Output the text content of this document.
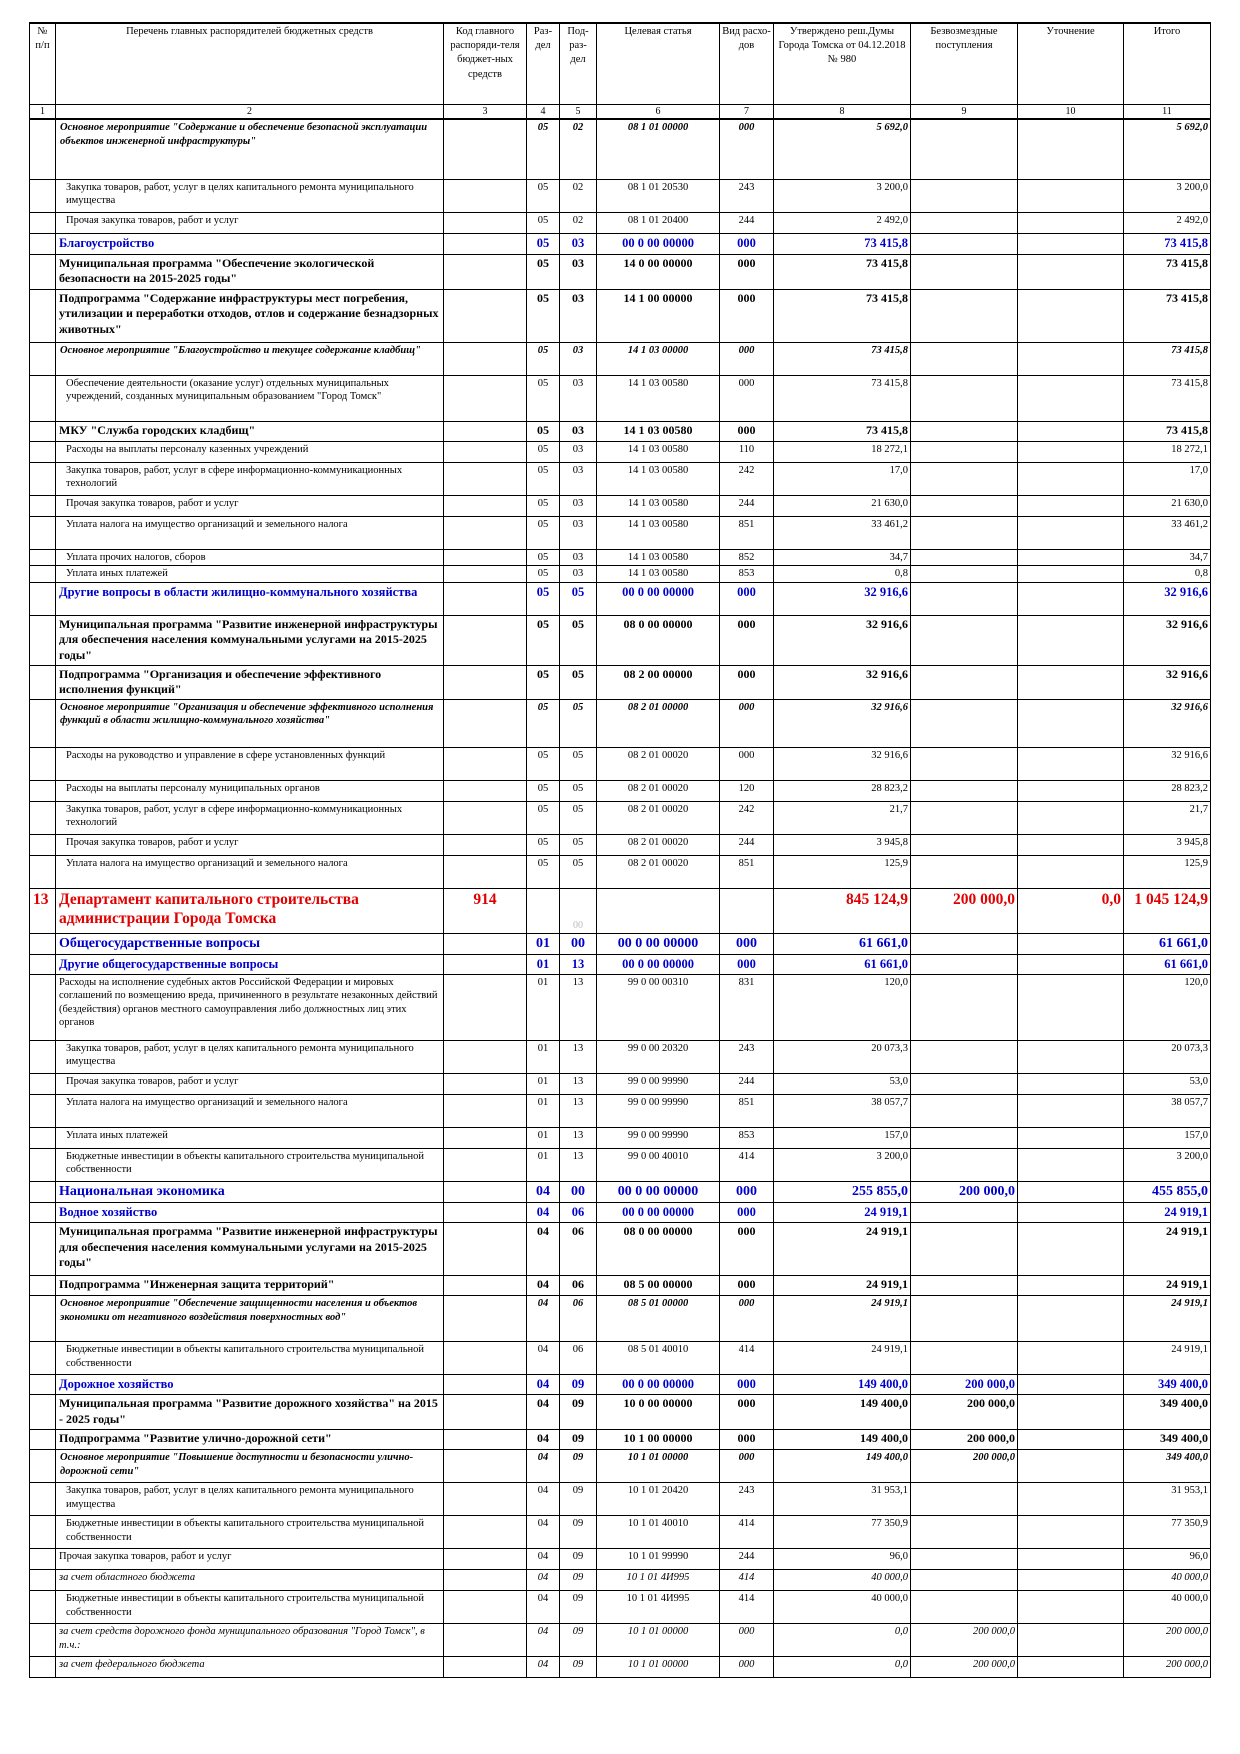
№ п/п	Перечень главных распорядителей бюджетных средств	Код главного распоряди-теля бюджет-ных средств	Раз-дел	Под-раз-дел	Целевая статья	Вид расхо-дов	Утверждено реш.Думы Города Томска от 04.12.2018 № 980	Безвозмездные поступления	Уточнение	Итого
1	2	3	4	5	6	7	8	9	10	11
	Основное мероприятие "Содержание и обеспечение безопасной эксплуатации объектов инженерной инфраструктуры"		05	02	08 1 01 00000	000	5 692,0			5 692,0
	Закупка товаров, работ, услуг в целях капитального ремонта муниципального имущества		05	02	08 1 01 20530	243	3 200,0			3 200,0
	Прочая закупка товаров, работ и услуг		05	02	08 1 01 20400	244	2 492,0			2 492,0
	Благоустройство		05	03	00 0 00 00000	000	73 415,8			73 415,8
	Муниципальная программа "Обеспечение экологической безопасности на 2015-2025 годы"		05	03	14 0 00 00000	000	73 415,8			73 415,8
	Подпрограмма "Содержание инфраструктуры мест погребения, утилизации и переработки отходов, отлов и содержание безнадзорных животных"		05	03	14 1 00 00000	000	73 415,8			73 415,8
	Основное мероприятие "Благоустройство и текущее содержание кладбищ"		05	03	14 1 03 00000	000	73 415,8			73 415,8
	Обеспечение деятельности (оказание услуг) отдельных муниципальных учреждений, созданных муниципальным образованием "Город Томск"		05	03	14 1 03 00580	000	73 415,8			73 415,8
	МКУ "Служба городских кладбищ"		05	03	14 1 03 00580	000	73 415,8			73 415,8
	Расходы на выплаты персоналу казенных учреждений		05	03	14 1 03 00580	110	18 272,1			18 272,1
	Закупка товаров, работ, услуг в сфере информационно-коммуникационных технологий		05	03	14 1 03 00580	242	17,0			17,0
	Прочая закупка товаров, работ и услуг		05	03	14 1 03 00580	244	21 630,0			21 630,0
	Уплата налога на имущество организаций и земельного налога		05	03	14 1 03 00580	851	33 461,2			33 461,2
	Уплата прочих налогов, сборов		05	03	14 1 03 00580	852	34,7			34,7
	Уплата иных платежей		05	03	14 1 03 00580	853	0,8			0,8
	Другие вопросы в области жилищно-коммунального хозяйства		05	05	00 0 00 00000	000	32 916,6			32 916,6
	Муниципальная программа "Развитие инженерной инфраструктуры для обеспечения населения коммунальными услугами на 2015-2025 годы"		05	05	08 0 00 00000	000	32 916,6			32 916,6
	Подпрограмма "Организация и обеспечение эффективного исполнения функций"		05	05	08 2 00 00000	000	32 916,6			32 916,6
	Основное мероприятие "Организация и обеспечение эффективного исполнения функций в области жилищно-коммунального хозяйства"		05	05	08 2 01 00000	000	32 916,6			32 916,6
	Расходы на руководство и управление в сфере установленных функций		05	05	08 2 01 00020	000	32 916,6			32 916,6
	Расходы на выплаты персоналу муниципальных органов		05	05	08 2 01 00020	120	28 823,2			28 823,2
	Закупка товаров, работ, услуг в сфере информационно-коммуникационных технологий		05	05	08 2 01 00020	242	21,7			21,7
	Прочая закупка товаров, работ и услуг		05	05	08 2 01 00020	244	3 945,8			3 945,8
	Уплата налога на имущество организаций и земельного налога		05	05	08 2 01 00020	851	125,9			125,9
13	Департамент капитального строительства администрации Города Томска	914		00			845 124,9	200 000,0	0,0	1 045 124,9
	Общегосударственные вопросы		01	00	00 0 00 00000	000	61 661,0			61 661,0
	Другие общегосударственные вопросы		01	13	00 0 00 00000	000	61 661,0			61 661,0
	Расходы на исполнение судебных актов Российской Федерации и мировых соглашений по возмещению вреда, причиненного в результате незаконных действий (бездействия) органов местного самоуправления либо должностных лиц этих органов		01	13	99 0 00 00310	831	120,0			120,0
	Закупка товаров, работ, услуг в целях капитального ремонта муниципального имущества		01	13	99 0 00 20320	243	20 073,3			20 073,3
	Прочая закупка товаров, работ и услуг		01	13	99 0 00 99990	244	53,0			53,0
	Уплата налога на имущество организаций и земельного налога		01	13	99 0 00 99990	851	38 057,7			38 057,7
	Уплата иных платежей		01	13	99 0 00 99990	853	157,0			157,0
	Бюджетные инвестиции в объекты капитального строительства муниципальной собственности		01	13	99 0 00 40010	414	3 200,0			3 200,0
	Национальная экономика		04	00	00 0 00 00000	000	255 855,0	200 000,0		455 855,0
	Водное хозяйство		04	06	00 0 00 00000	000	24 919,1			24 919,1
	Муниципальная программа "Развитие инженерной инфраструктуры для обеспечения населения коммунальными услугами на 2015-2025 годы"		04	06	08 0 00 00000	000	24 919,1			24 919,1
	Подпрограмма "Инженерная защита территорий"		04	06	08 5 00 00000	000	24 919,1			24 919,1
	Основное мероприятие "Обеспечение защищенности населения и объектов экономики от негативного воздействия поверхностных вод"		04	06	08 5 01 00000	000	24 919,1			24 919,1
	Бюджетные инвестиции в объекты капитального строительства муниципальной собственности		04	06	08 5 01 40010	414	24 919,1			24 919,1
	Дорожное хозяйство		04	09	00 0 00 00000	000	149 400,0	200 000,0		349 400,0
	Муниципальная программа "Развитие дорожного хозяйства" на 2015 - 2025 годы"		04	09	10 0 00 00000	000	149 400,0	200 000,0		349 400,0
	Подпрограмма "Развитие улично-дорожной сети"		04	09	10 1 00 00000	000	149 400,0	200 000,0		349 400,0
	Основное мероприятие "Повышение доступности и безопасности улично-дорожной сети"		04	09	10 1 01 00000	000	149 400,0	200 000,0		349 400,0
	Закупка товаров, работ, услуг в целях капитального ремонта муниципального имущества		04	09	10 1 01 20420	243	31 953,1			31 953,1
	Бюджетные инвестиции в объекты капитального строительства муниципальной собственности		04	09	10 1 01 40010	414	77 350,9			77 350,9
	Прочая закупка товаров, работ и услуг		04	09	10 1 01 99990	244	96,0			96,0
	за счет областного бюджета		04	09	10 1 01 4И995	414	40 000,0			40 000,0
	Бюджетные инвестиции в объекты капитального строительства муниципальной собственности		04	09	10 1 01 4И995	414	40 000,0			40 000,0
	за счет средств дорожного фонда муниципального образования "Город Томск", в т.ч.:		04	09	10 1 01 00000	000	0,0	200 000,0		200 000,0
	за счет федерального бюджета		04	09	10 1 01 00000	000	0,0	200 000,0		200 000,0
